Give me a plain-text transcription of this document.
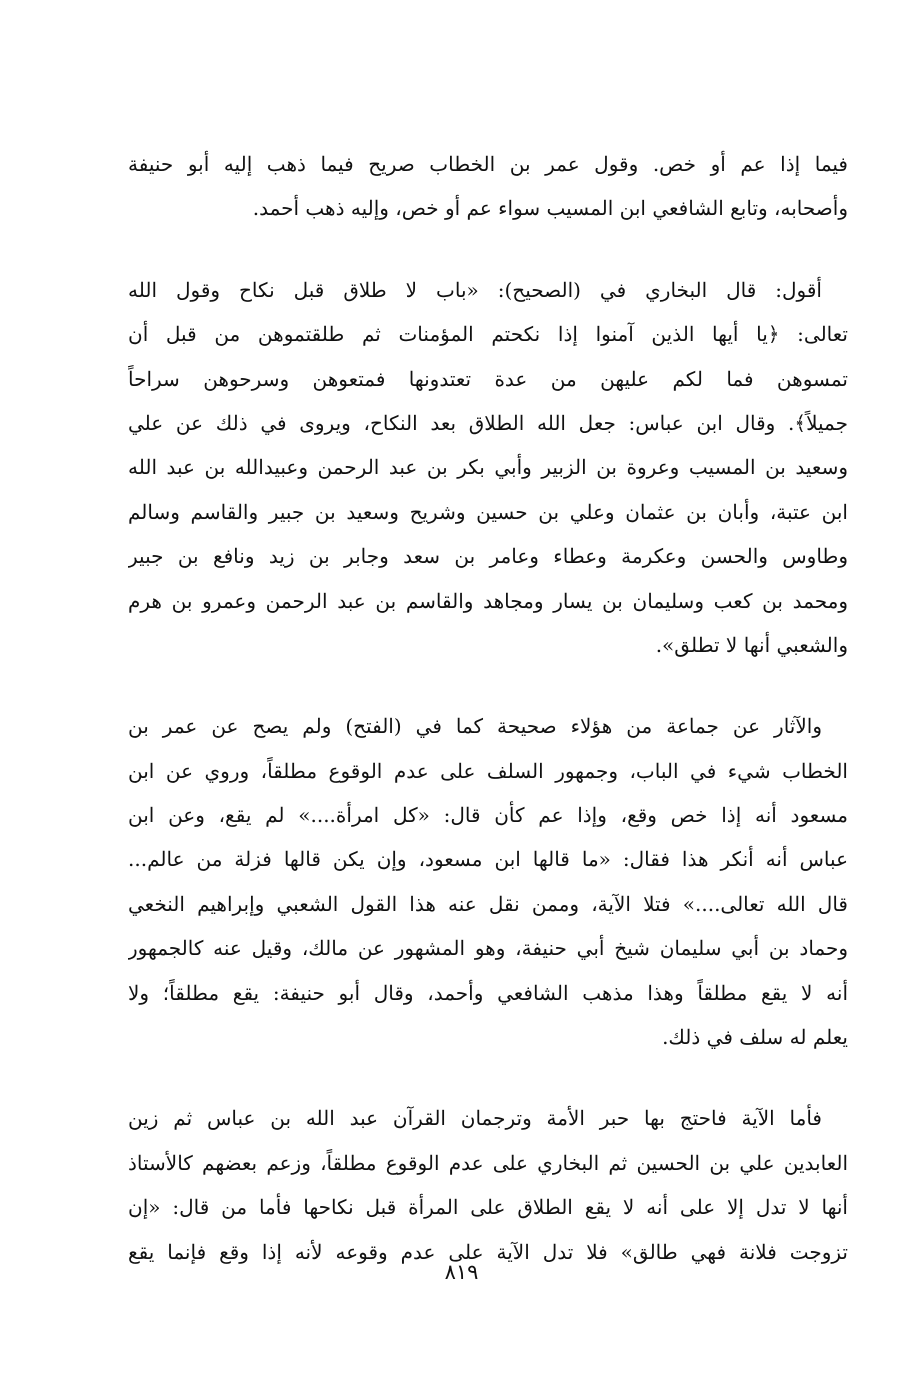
فيما إذا عم أو خص. وقول عمر بن الخطاب صريح فيما ذهب إليه أبو حنيفة
وأصحابه، وتابع الشافعي ابن المسيب سواء عم أو خص، وإليه ذهب أحمد.
أقول: قال البخاري في (الصحيح): «باب لا طلاق قبل نكاح وقول الله
تعالى: ﴿يا أيها الذين آمنوا إذا نكحتم المؤمنات ثم طلقتموهن من قبل أن
تمسوهن فما لكم عليهن من عدة تعتدونها فمتعوهن وسرحوهن سراحاً
جميلاً﴾. وقال ابن عباس: جعل الله الطلاق بعد النكاح، ويروى في ذلك عن علي
وسعيد بن المسيب وعروة بن الزبير وأبي بكر بن عبد الرحمن وعبيدالله بن عبد الله
ابن عتبة، وأبان بن عثمان وعلي بن حسين وشريح وسعيد بن جبير والقاسم وسالم
وطاوس والحسن وعكرمة وعطاء وعامر بن سعد وجابر بن زيد ونافع بن جبير
ومحمد بن كعب وسليمان بن يسار ومجاهد والقاسم بن عبد الرحمن وعمرو بن هرم
والشعبي أنها لا تطلق».
والآثار عن جماعة من هؤلاء صحيحة كما في (الفتح) ولم يصح عن عمر بن
الخطاب شيء في الباب، وجمهور السلف على عدم الوقوع مطلقاً، وروي عن ابن
مسعود أنه إذا خص وقع، وإذا عم كأن قال: «كل امرأة....» لم يقع، وعن ابن
عباس أنه أنكر هذا فقال: «ما قالها ابن مسعود، وإن يكن قالها فزلة من عالم...
قال الله تعالى....» فتلا الآية، وممن نقل عنه هذا القول الشعبي وإبراهيم النخعي
وحماد بن أبي سليمان شيخ أبي حنيفة، وهو المشهور عن مالك، وقيل عنه كالجمهور
أنه لا يقع مطلقاً وهذا مذهب الشافعي وأحمد، وقال أبو حنيفة: يقع مطلقاً؛ ولا
يعلم له سلف في ذلك.
فأما الآية فاحتج بها حبر الأمة وترجمان القرآن عبد الله بن عباس ثم زين
العابدين علي بن الحسين ثم البخاري على عدم الوقوع مطلقاً، وزعم بعضهم كالأستاذ
أنها لا تدل إلا على أنه لا يقع الطلاق على المرأة قبل نكاحها فأما من قال: «إن
تزوجت فلانة فهي طالق» فلا تدل الآية على عدم وقوعه لأنه إذا وقع فإنما يقع
٨١٩
